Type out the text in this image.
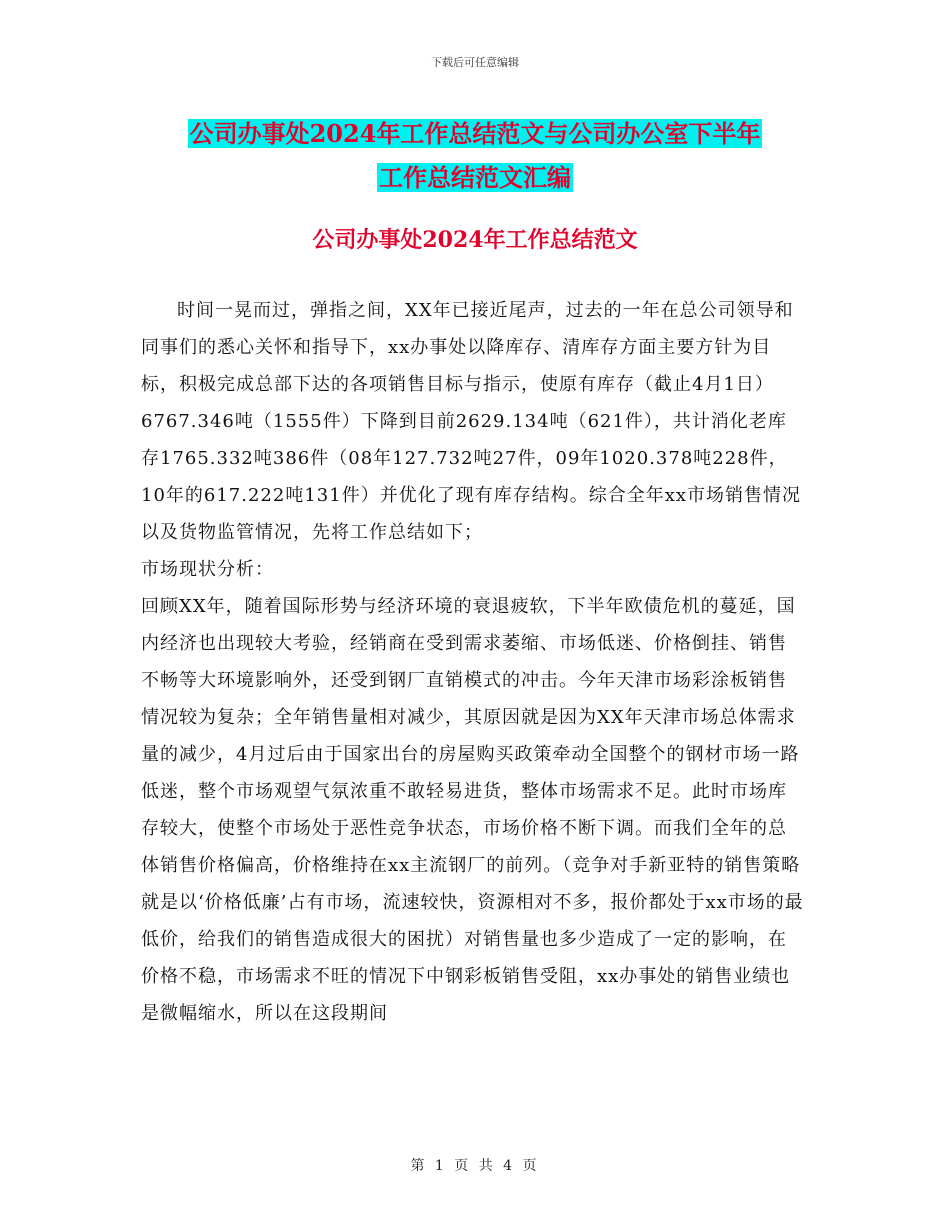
下载后可任意编辑
公司办事处2024年工作总结范文与公司办公室下半年
工作总结范文汇编
公司办事处2024年工作总结范文

时间一晃而过，弹指之间，XX年已接近尾声，过去的一年在总公司领导和同事们的悉心关怀和指导下，xx办事处以降库存、清库存方面主要方针为目标，积极完成总部下达的各项销售目标与指示，使原有库存（截止4月1日）6767.346吨（1555件）下降到目前2629.134吨（621件），共计消化老库存1765.332吨386件（08年127.732吨27件，09年1020.378吨228件，10年的617.222吨131件）并优化了现有库存结构。综合全年xx市场销售情况以及货物监管情况，先将工作总结如下；

市场现状分析：

回顾XX年，随着国际形势与经济环境的衰退疲软，下半年欧债危机的蔓延，国内经济也出现较大考验，经销商在受到需求萎缩、市场低迷、价格倒挂、销售不畅等大环境影响外，还受到钢厂直销模式的冲击。今年天津市场彩涂板销售情况较为复杂；全年销售量相对减少，其原因就是因为XX年天津市场总体需求量的减少，4月过后由于国家出台的房屋购买政策牵动全国整个的钢材市场一路低迷，整个市场观望气氛浓重不敢轻易进货，整体市场需求不足。此时市场库存较大，使整个市场处于恶性竞争状态，市场价格不断下调。而我们全年的总体销售价格偏高，价格维持在xx主流钢厂的前列。（竞争对手新亚特的销售策略就是以‘价格低廉’占有市场，流速较快，资源相对不多，报价都处于xx市场的最低价，给我们的销售造成很大的困扰）对销售量也多少造成了一定的影响，在价格不稳，市场需求不旺的情况下中钢彩板销售受阻，xx办事处的销售业绩也是微幅缩水，所以在这段期间

第 1 页 共 4 页
